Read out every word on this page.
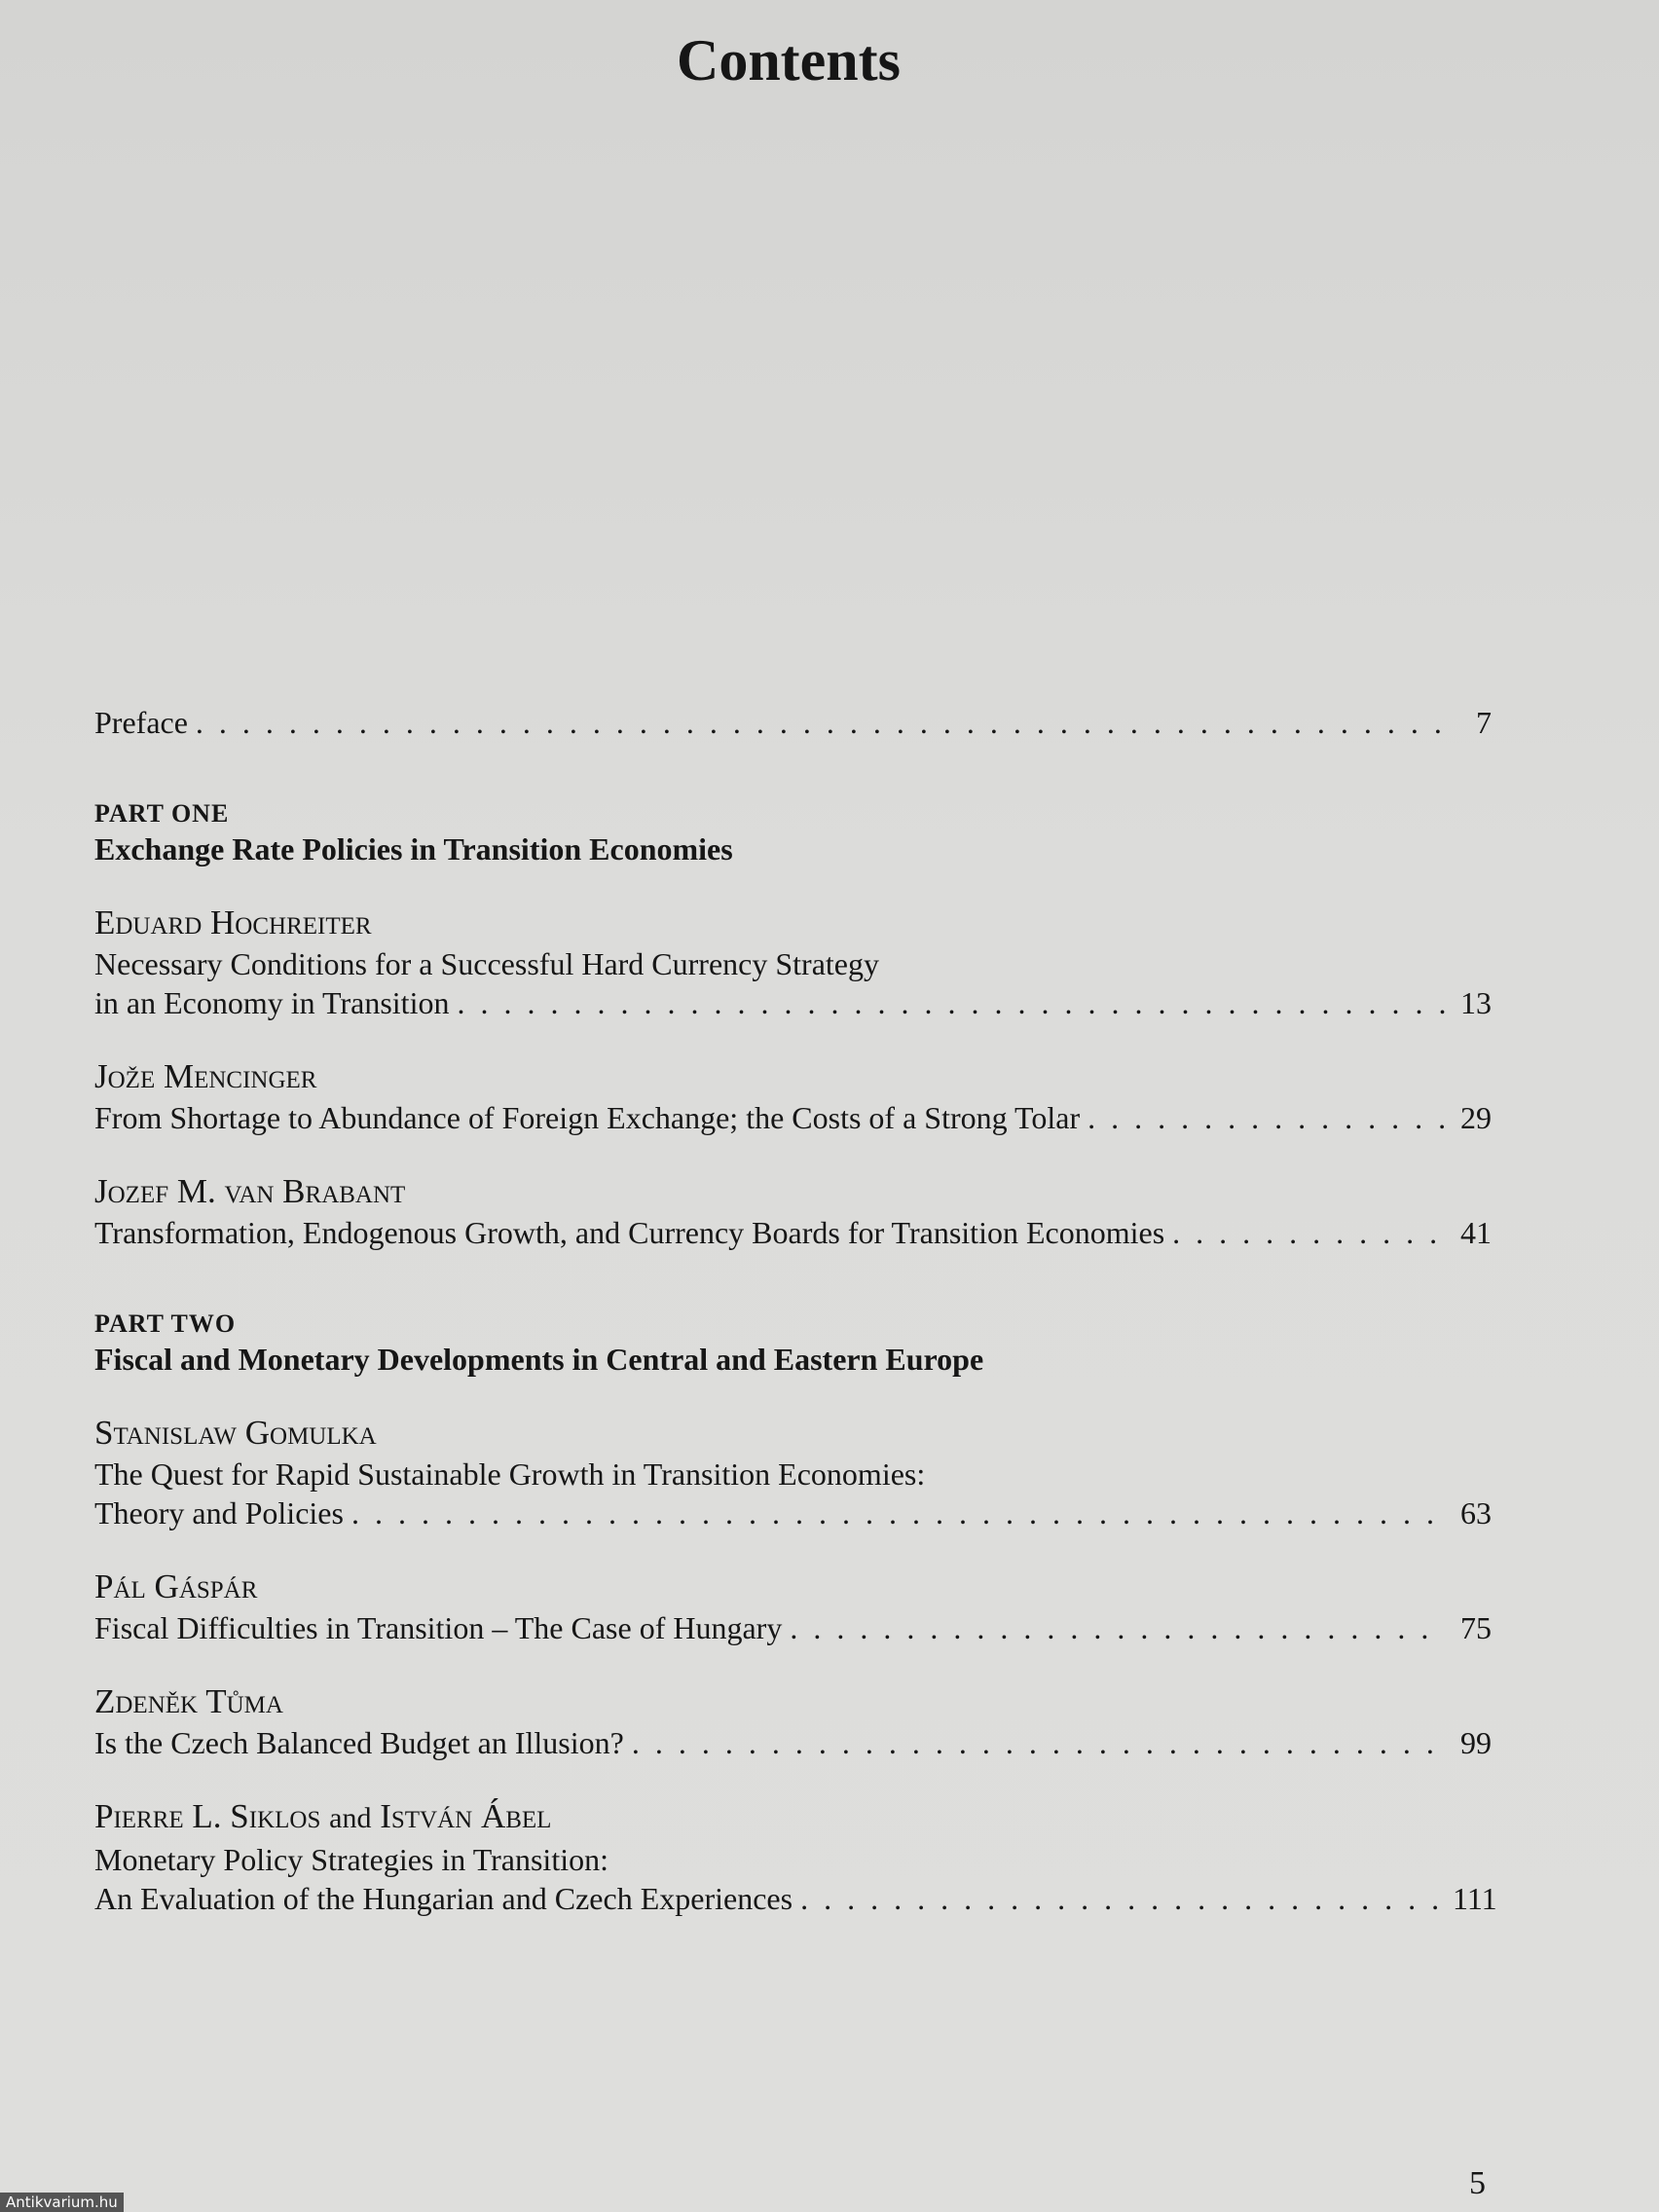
Contents
Preface . . .	7
PART ONE
Exchange Rate Policies in Transition Economies
Eduard Hochreiter
Necessary Conditions for a Successful Hard Currency Strategy
in an Economy in Transition . . .	13
Jože Mencinger
From Shortage to Abundance of Foreign Exchange; the Costs of a Strong Tolar . . .	29
Jozef M. van Brabant
Transformation, Endogenous Growth, and Currency Boards for Transition Economies . . .	41
PART TWO
Fiscal and Monetary Developments in Central and Eastern Europe
Stanislaw Gomulka
The Quest for Rapid Sustainable Growth in Transition Economies:
Theory and Policies . . .	63
Pál Gáspár
Fiscal Difficulties in Transition – The Case of Hungary . . .	75
Zdeněk Tůma
Is the Czech Balanced Budget an Illusion? . . .	99
Pierre L. Siklos and István Ábel
Monetary Policy Strategies in Transition:
An Evaluation of the Hungarian and Czech Experiences . . .	111
5
Antikvarium.hu
